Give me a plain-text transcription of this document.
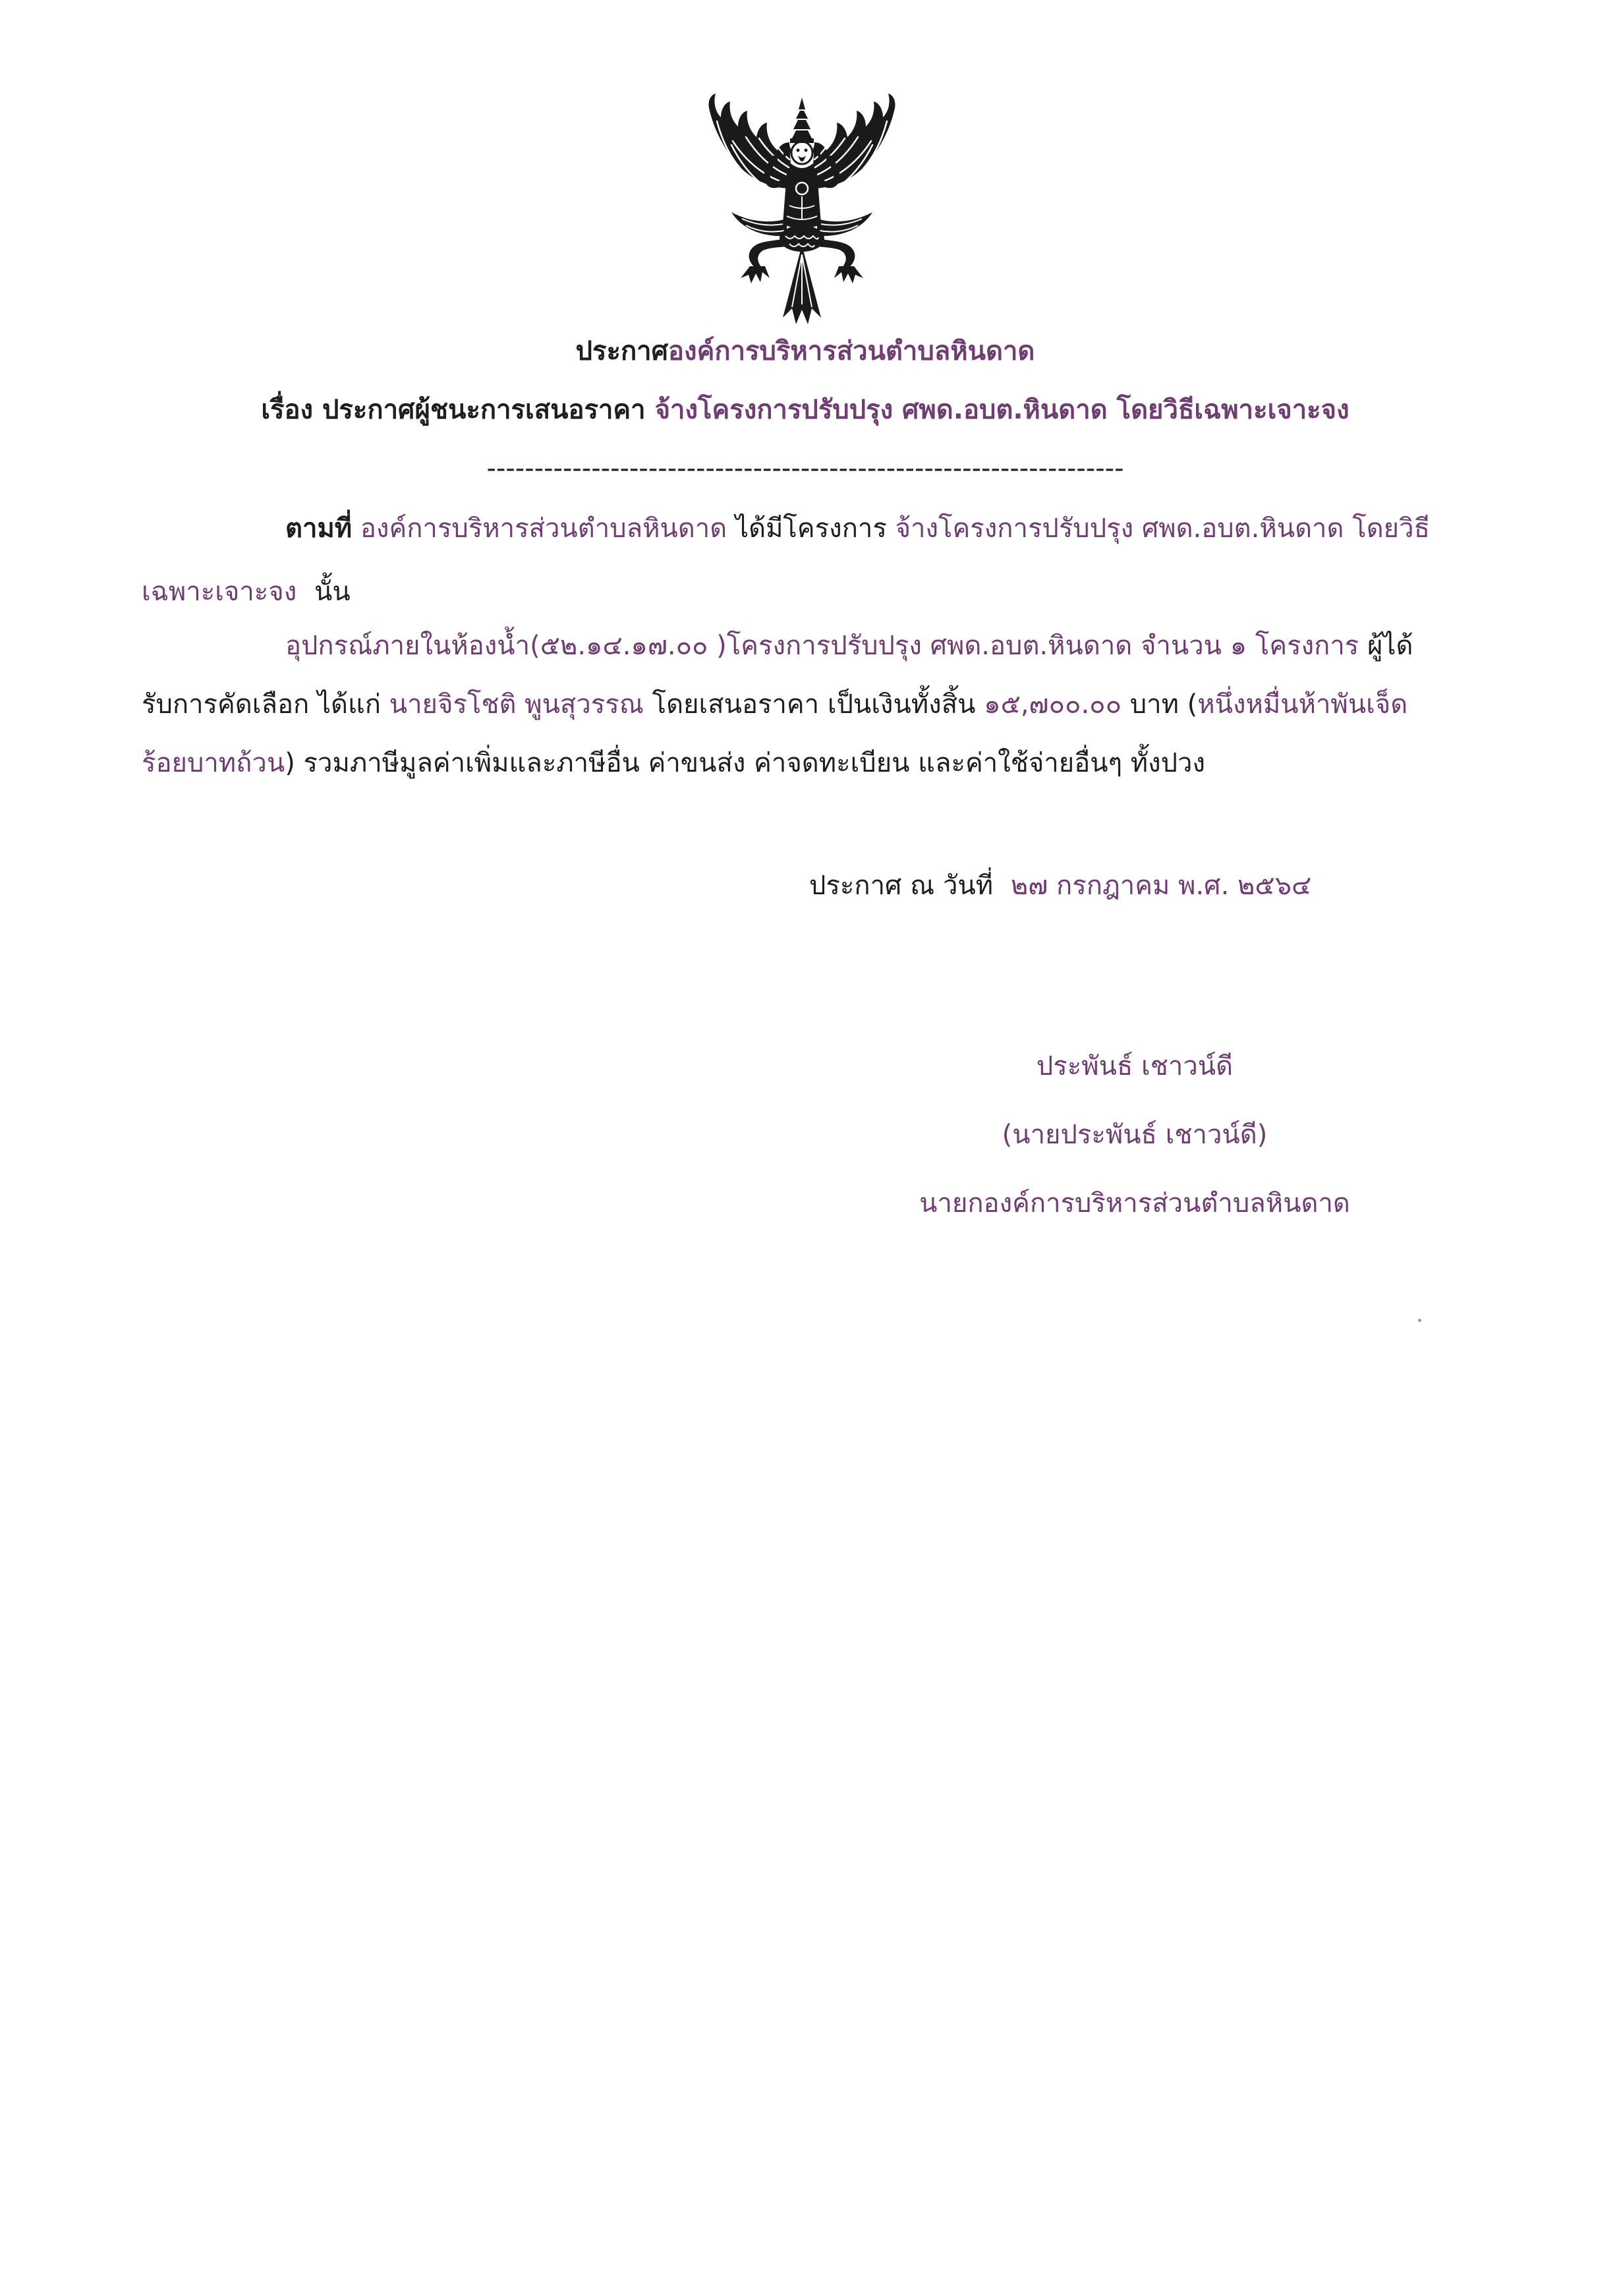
ประกาศองค์การบริหารส่วนตำบลหินดาด
เรื่อง ประกาศผู้ชนะการเสนอราคา จ้างโครงการปรับปรุง ศพด.อบต.หินดาด โดยวิธีเฉพาะเจาะจง
-------------------------------------------------------------------
ตามที่ องค์การบริหารส่วนตำบลหินดาด ได้มีโครงการ จ้างโครงการปรับปรุง ศพด.อบต.หินดาด โดยวิธี
เฉพาะเจาะจง นั้น
อุปกรณ์ภายในห้องน้ำ(๕๒.๑๔.๑๗.๐๐ )โครงการปรับปรุง ศพด.อบต.หินดาด จำนวน ๑ โครงการ ผู้ได้
รับการคัดเลือก ได้แก่ นายจิรโชติ พูนสุวรรณ โดยเสนอราคา เป็นเงินทั้งสิ้น ๑๕,๗๐๐.๐๐ บาท (หนึ่งหมื่นห้าพันเจ็ด
ร้อยบาทถ้วน) รวมภาษีมูลค่าเพิ่มและภาษีอื่น ค่าขนส่ง ค่าจดทะเบียน และค่าใช้จ่ายอื่นๆ ทั้งปวง
ประกาศ ณ วันที่ ๒๗ กรกฎาคม พ.ศ. ๒๕๖๔
ประพันธ์ เชาวน์ดี
(นายประพันธ์ เชาวน์ดี)
นายกองค์การบริหารส่วนตำบลหินดาด
